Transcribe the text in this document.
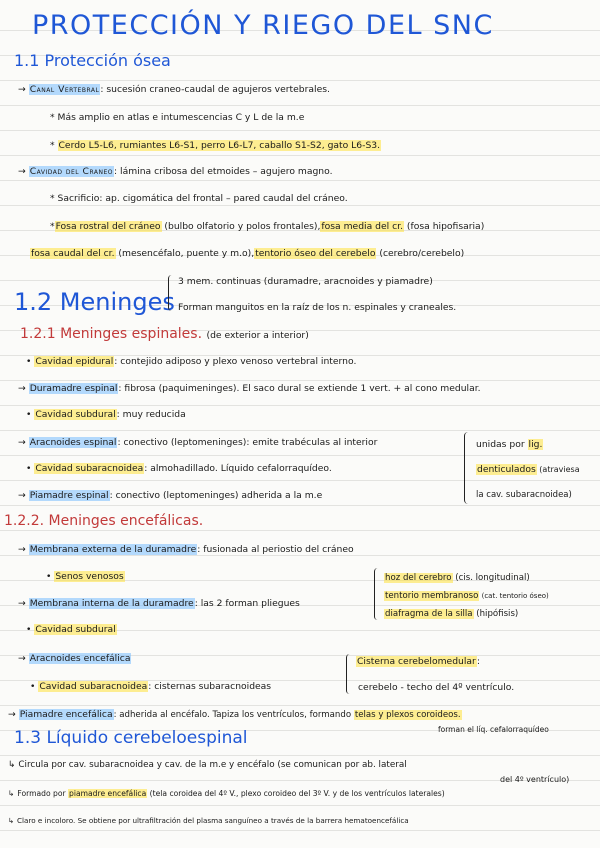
PROTECCIÓN Y RIEGO DEL SNC
1.1 Protección ósea
→ Canal Vertebral: sucesión craneo-caudal de agujeros vertebrales.
* Más amplio en atlas e intumescencias C y L de la m.e
* Cerdo L5-L6, rumiantes L6-S1, perro L6-L7, caballo S1-S2, gato L6-S3.
→ Cavidad del Craneo: lámina cribosa del etmoides – agujero magno.
* Sacrificio: ap. cigomática del frontal – pared caudal del cráneo.
*Fosa rostral del cráneo (bulbo olfatorio y polos frontales),fosa media del cr. (fosa hipofisaria)
fosa caudal del cr. (mesencéfalo, puente y m.o),tentorio óseo del cerebelo (cerebro/cerebelo)
1.2 Meninges
3 mem. continuas (duramadre, aracnoides y piamadre)
Forman manguitos en la raíz de los n. espinales y craneales.
1.2.1 Meninges espinales. (de exterior a interior)
• Cavidad epidural: contejido adiposo y plexo venoso vertebral interno.
→ Duramadre espinal: fibrosa (paquimeninges). El saco dural se extiende 1 vert. + al cono medular.
• Cavidad subdural: muy reducida
→ Aracnoides espinal: conectivo (leptomeninges): emite trabéculas al interior
• Cavidad subaracnoidea: almohadillado. Líquido cefalorraquídeo.
→ Piamadre espinal: conectivo (leptomeninges) adherida a la m.e
unidas por lig.
denticulados (atraviesa
la cav. subaracnoidea)
1.2.2. Meninges encefálicas.
→ Membrana externa de la duramadre: fusionada al periostio del cráneo
• Senos venosos
→ Membrana interna de la duramadre: las 2 forman pliegues
hoz del cerebro (cis. longitudinal)
tentorio membranoso (cat. tentorio óseo)
diafragma de la silla (hipófisis)
• Cavidad subdural
→ Aracnoides encefálica
• Cavidad subaracnoidea: cisternas subaracnoideas
Cisterna cerebelomedular:
cerebelo - techo del 4º ventrículo.
→ Piamadre encefálica: adherida al encéfalo. Tapiza los ventrículos, formando telas y plexos coroideos.
forman el líq. cefalorraquídeo
1.3 Líquido cerebeloespinal
↳ Circula por cav. subaracnoidea y cav. de la m.e y encéfalo (se comunican por ab. lateral
del 4º ventrículo)
↳ Formado por piamadre encefálica (tela coroidea del 4º V., plexo coroideo del 3º V. y de los ventrículos laterales)
↳ Claro e incoloro. Se obtiene por ultrafiltración del plasma sanguíneo a través de la barrera hematoencefálica
